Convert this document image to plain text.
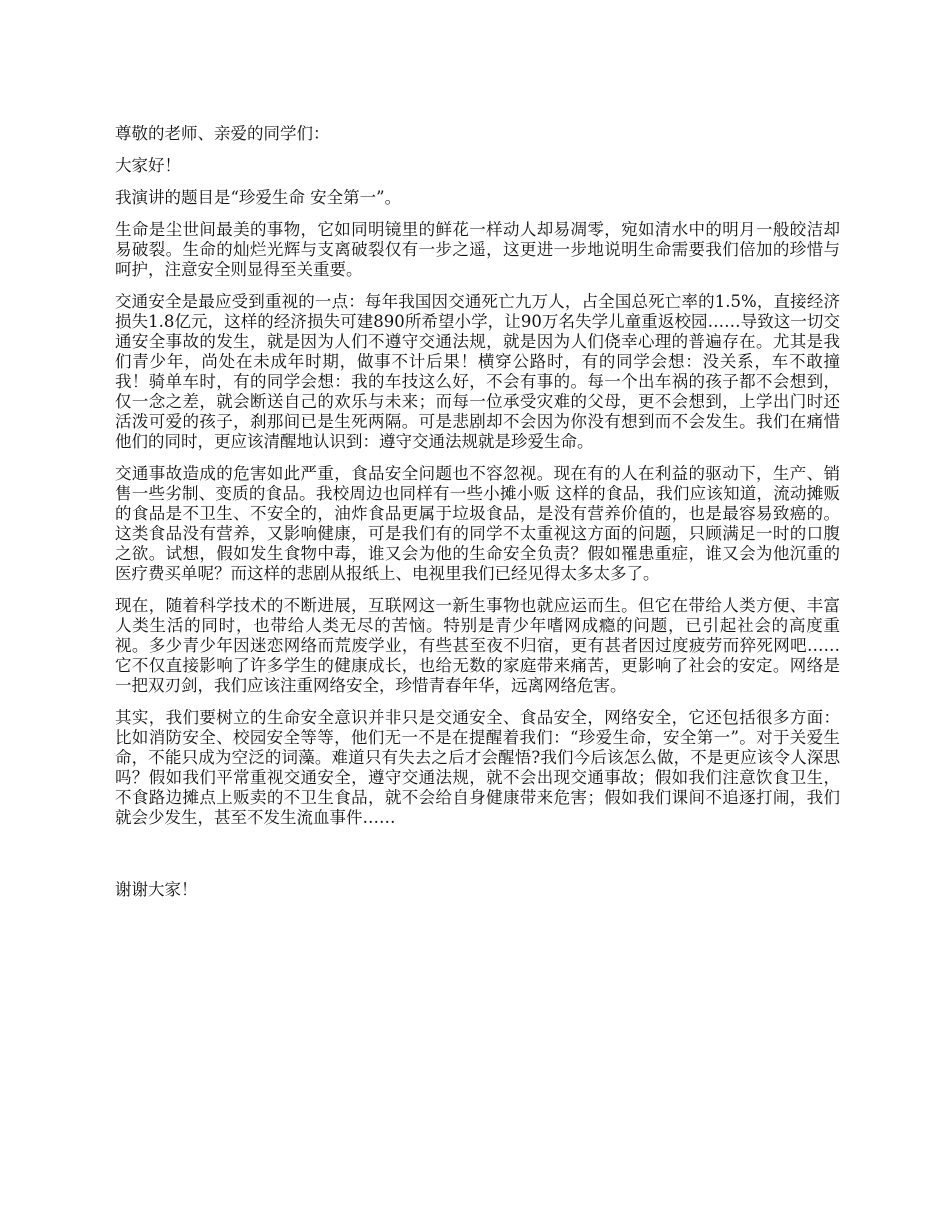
尊敬的老师、亲爱的同学们：

大家好！

我演讲的题目是“珍爱生命 安全第一”。

生命是尘世间最美的事物，它如同明镜里的鲜花一样动人却易凋零，宛如清水中的明月一般皎洁却易破裂。生命的灿烂光辉与支离破裂仅有一步之遥，这更进一步地说明生命需要我们倍加的珍惜与呵护，注意安全则显得至关重要。

交通安全是最应受到重视的一点：每年我国因交通死亡九万人，占全国总死亡率的1.5%，直接经济损失1.8亿元，这样的经济损失可建890所希望小学，让90万名失学儿童重返校园……导致这一切交通安全事故的发生，就是因为人们不遵守交通法规，就是因为人们侥幸心理的普遍存在。尤其是我们青少年，尚处在未成年时期，做事不计后果！横穿公路时，有的同学会想：没关系，车不敢撞我！骑单车时，有的同学会想：我的车技这么好，不会有事的。每一个出车祸的孩子都不会想到，仅一念之差，就会断送自己的欢乐与未来；而每一位承受灾难的父母，更不会想到，上学出门时还活泼可爱的孩子，刹那间已是生死两隔。可是悲剧却不会因为你没有想到而不会发生。我们在痛惜他们的同时，更应该清醒地认识到：遵守交通法规就是珍爱生命。

交通事故造成的危害如此严重，食品安全问题也不容忽视。现在有的人在利益的驱动下，生产、销售一些劣制、变质的食品。我校周边也同样有一些小摊小贩 这样的食品，我们应该知道，流动摊贩的食品是不卫生、不安全的，油炸食品更属于垃圾食品，是没有营养价值的，也是最容易致癌的。这类食品没有营养，又影响健康，可是我们有的同学不太重视这方面的问题，只顾满足一时的口腹之欲。试想，假如发生食物中毒，谁又会为他的生命安全负责？假如罹患重症，谁又会为他沉重的医疗费买单呢？而这样的悲剧从报纸上、电视里我们已经见得太多太多了。

现在，随着科学技术的不断进展，互联网这一新生事物也就应运而生。但它在带给人类方便、丰富人类生活的同时，也带给人类无尽的苦恼。特别是青少年嗜网成瘾的问题，已引起社会的高度重视。多少青少年因迷恋网络而荒废学业，有些甚至夜不归宿，更有甚者因过度疲劳而猝死网吧……它不仅直接影响了许多学生的健康成长，也给无数的家庭带来痛苦，更影响了社会的安定。网络是一把双刃剑，我们应该注重网络安全，珍惜青春年华，远离网络危害。

其实，我们要树立的生命安全意识并非只是交通安全、食品安全，网络安全，它还包括很多方面：比如消防安全、校园安全等等，他们无一不是在提醒着我们：“珍爱生命，安全第一”。对于关爱生命，不能只成为空泛的词藻。难道只有失去之后才会醒悟?我们今后该怎么做，不是更应该令人深思吗？假如我们平常重视交通安全，遵守交通法规，就不会出现交通事故；假如我们注意饮食卫生，不食路边摊点上贩卖的不卫生食品，就不会给自身健康带来危害；假如我们课间不追逐打闹，我们就会少发生，甚至不发生流血事件……

谢谢大家！
